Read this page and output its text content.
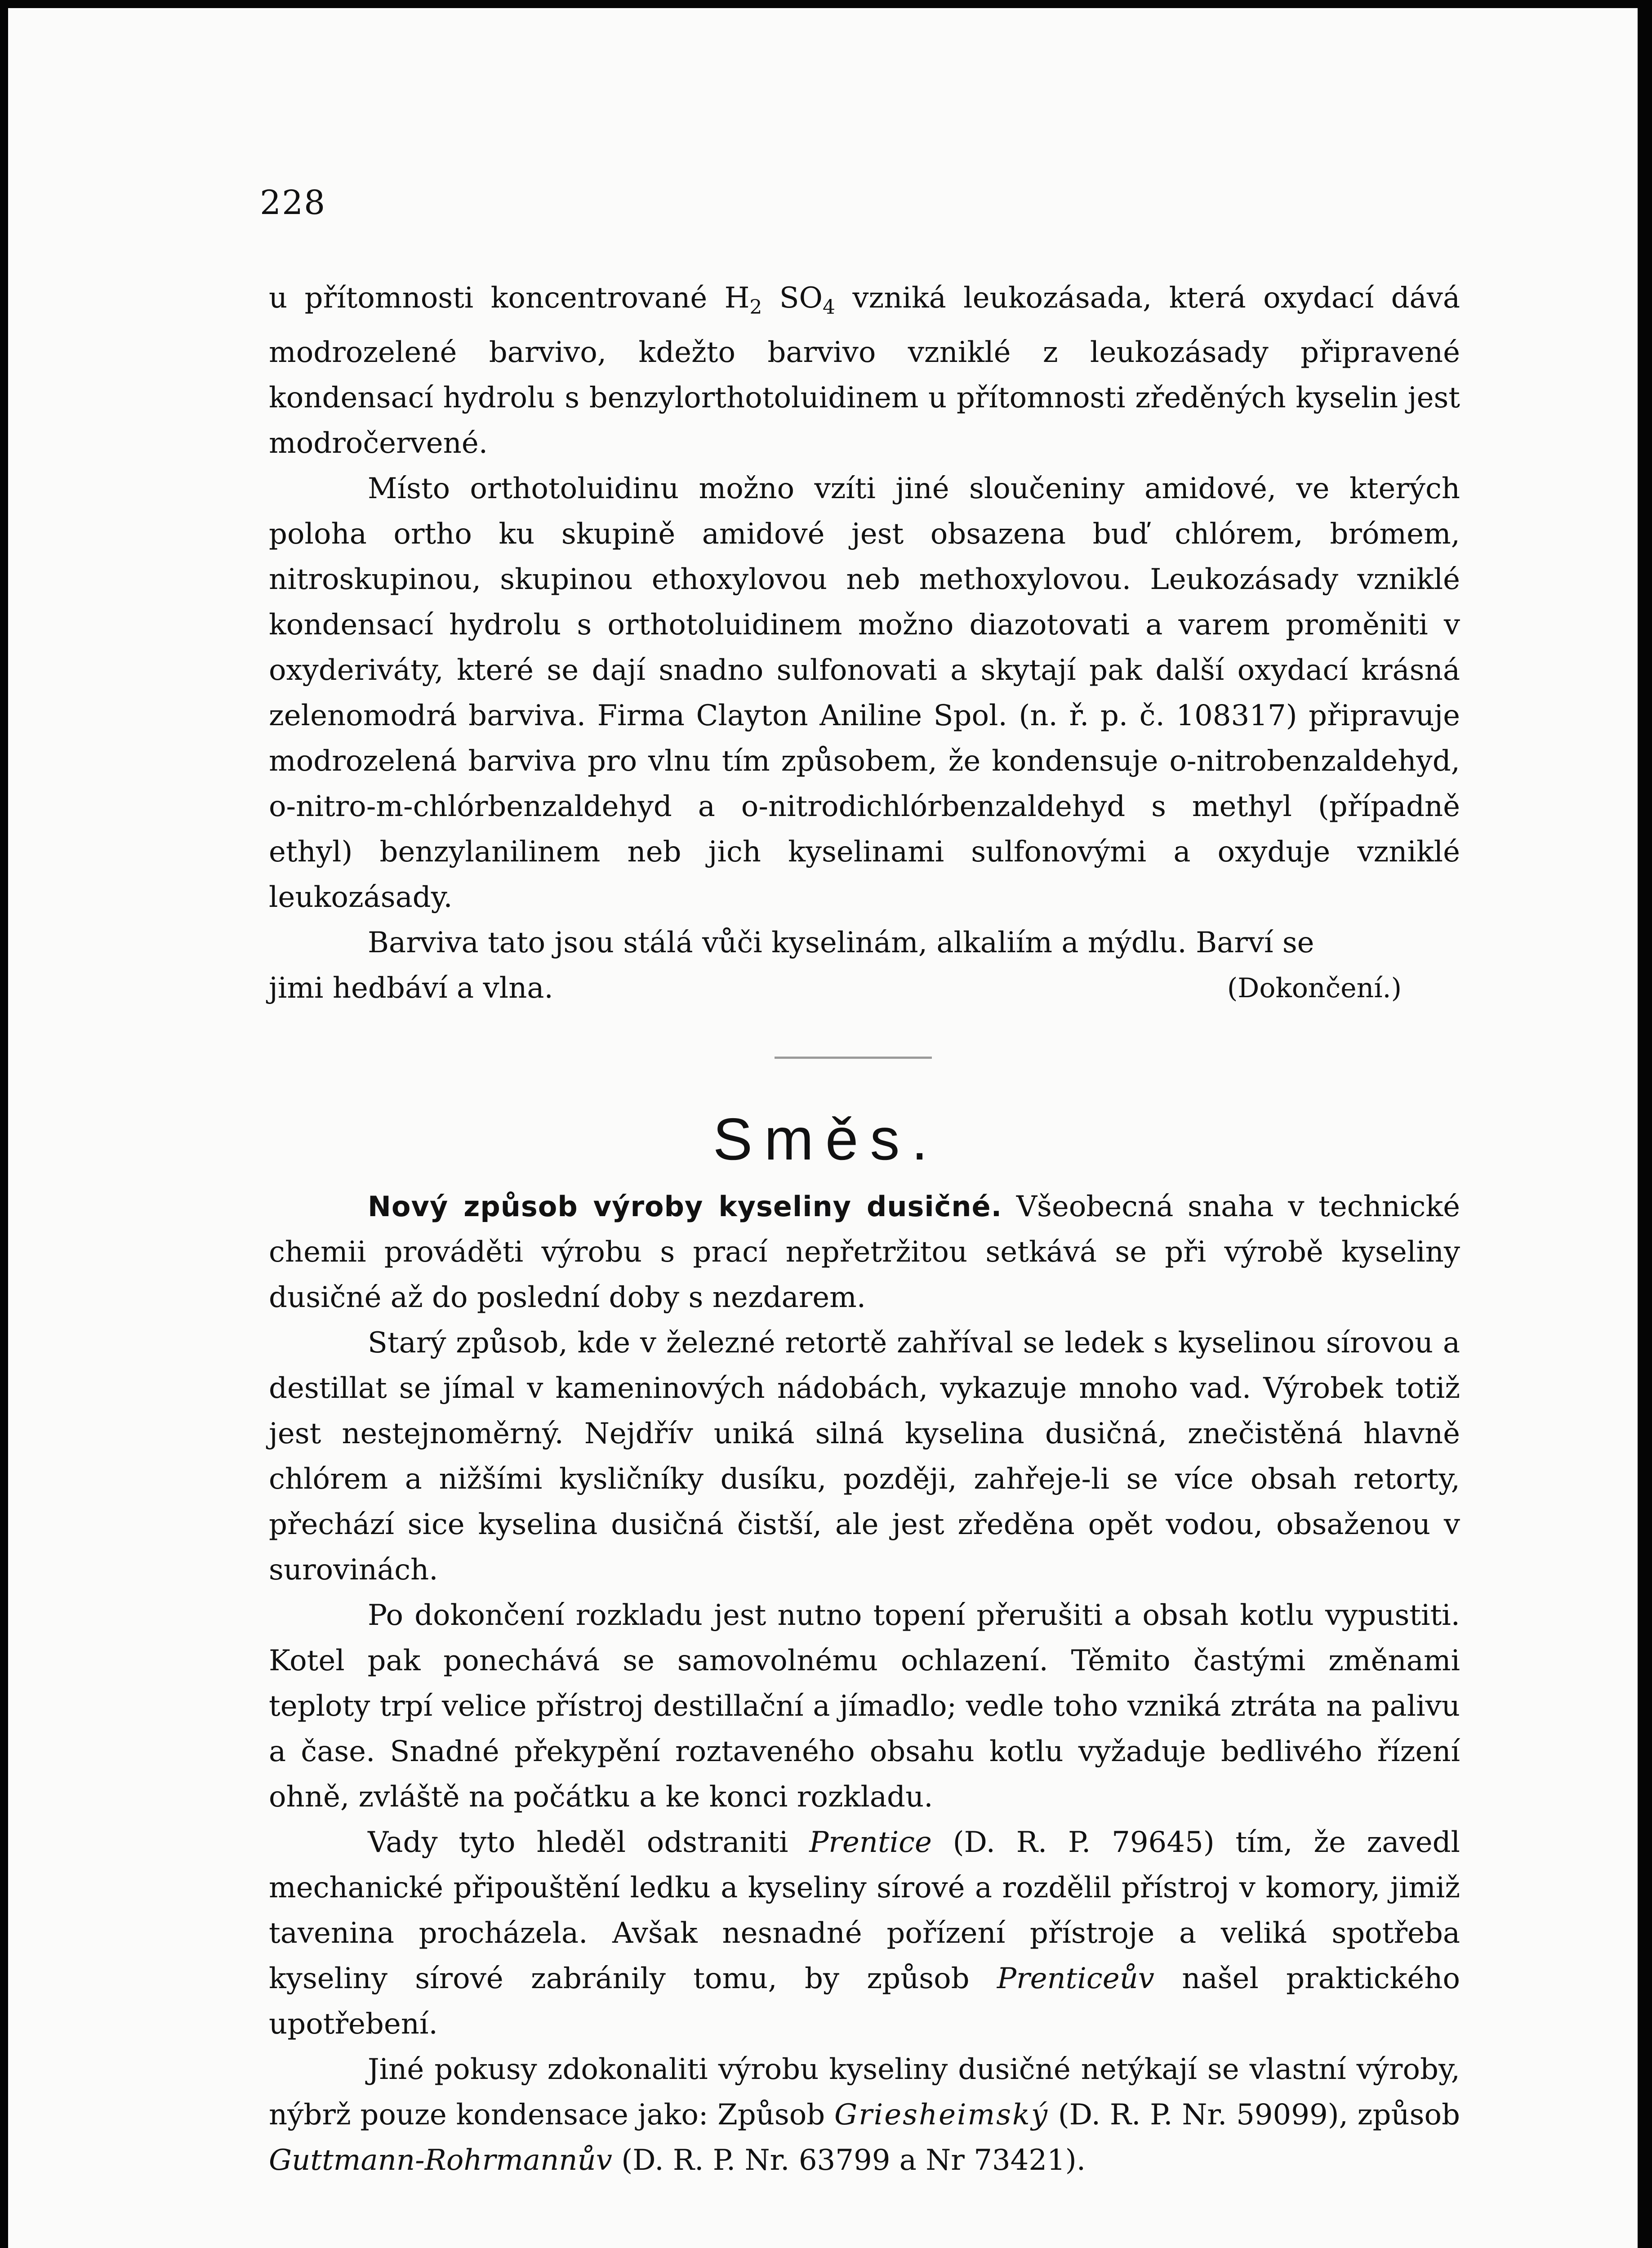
228

u přítomnosti koncentrované $H_2$ $SO_4$ vzniká leukozásada, která oxydací dává modrozelené barvivo, kdežto barvivo vzniklé z leukozásady připravené kondensací hydrolu s benzylorthotoluidinem u přítomnosti zředěných kyselin jest modročervené.

Místo orthotoluidinu možno vzíti jiné sloučeniny amidové, ve kterých poloha ortho ku skupině amidové jest obsazena buď chlórem, brómem, nitroskupinou, skupinou ethoxylovou neb methoxylovou. Leukozásady vzniklé kondensací hydrolu s orthotoluidinem možno diazotovati a varem proměniti v oxyderiváty, které se dají snadno sulfonovati a skytají pak další oxydací krásná zelenomodrá barviva. Firma Clayton Aniline Spol. (n. ř. p. č. 108317) připravuje modrozelená barviva pro vlnu tím způsobem, že kondensuje o-nitrobenzaldehyd, o-nitro-m-chlórbenzaldehyd a o-nitrodichlórbenzaldehyd s methyl (případně ethyl) benzylanilinem neb jich kyselinami sulfonovými a oxyduje vzniklé leukozásady.

Barviva tato jsou stálá vůči kyselinám, alkaliím a mýdlu. Barví se

jimi hedbáví a vlna.	(Dokončení.)
Směs.

Nový způsob výroby kyseliny dusičné. Všeobecná snaha v technické chemii prováděti výrobu s prací nepřetržitou setkává se při výrobě kyseliny dusičné až do poslední doby s nezdarem.

Starý způsob, kde v železné retortě zahříval se ledek s kyselinou sírovou a destillat se jímal v kameninových nádobách, vykazuje mnoho vad. Výrobek totiž jest nestejnoměrný. Nejdřív uniká silná kyselina dusičná, znečistěná hlavně chlórem a nižšími kysličníky dusíku, později, zahřeje-li se více obsah retorty, přechází sice kyselina dusičná čistší, ale jest zředěna opět vodou, obsaženou v surovinách.

Po dokončení rozkladu jest nutno topení přerušiti a obsah kotlu vypustiti. Kotel pak ponechává se samovolnému ochlazení. Těmito častými změnami teploty trpí velice přístroj destillační a jímadlo; vedle toho vzniká ztráta na palivu a čase. Snadné překypění roztaveného obsahu kotlu vyžaduje bedlivého řízení ohně, zvláště na počátku a ke konci rozkladu.

Vady tyto hleděl odstraniti Prentice (D. R. P. 79645) tím, že zavedl mechanické připouštění ledku a kyseliny sírové a rozdělil přístroj v komory, jimiž tavenina procházela. Avšak nesnadné pořízení přístroje a veliká spotřeba kyseliny sírové zabránily tomu, by způsob Prenticeův našel praktického upotřebení.

Jiné pokusy zdokonaliti výrobu kyseliny dusičné netýkají se vlastní výroby, nýbrž pouze kondensace jako: Způsob Griesheimský (D. R. P. Nr. 59099), způsob Guttmann-Rohrmannův (D. R. P. Nr. 63799 a Nr 73421).
